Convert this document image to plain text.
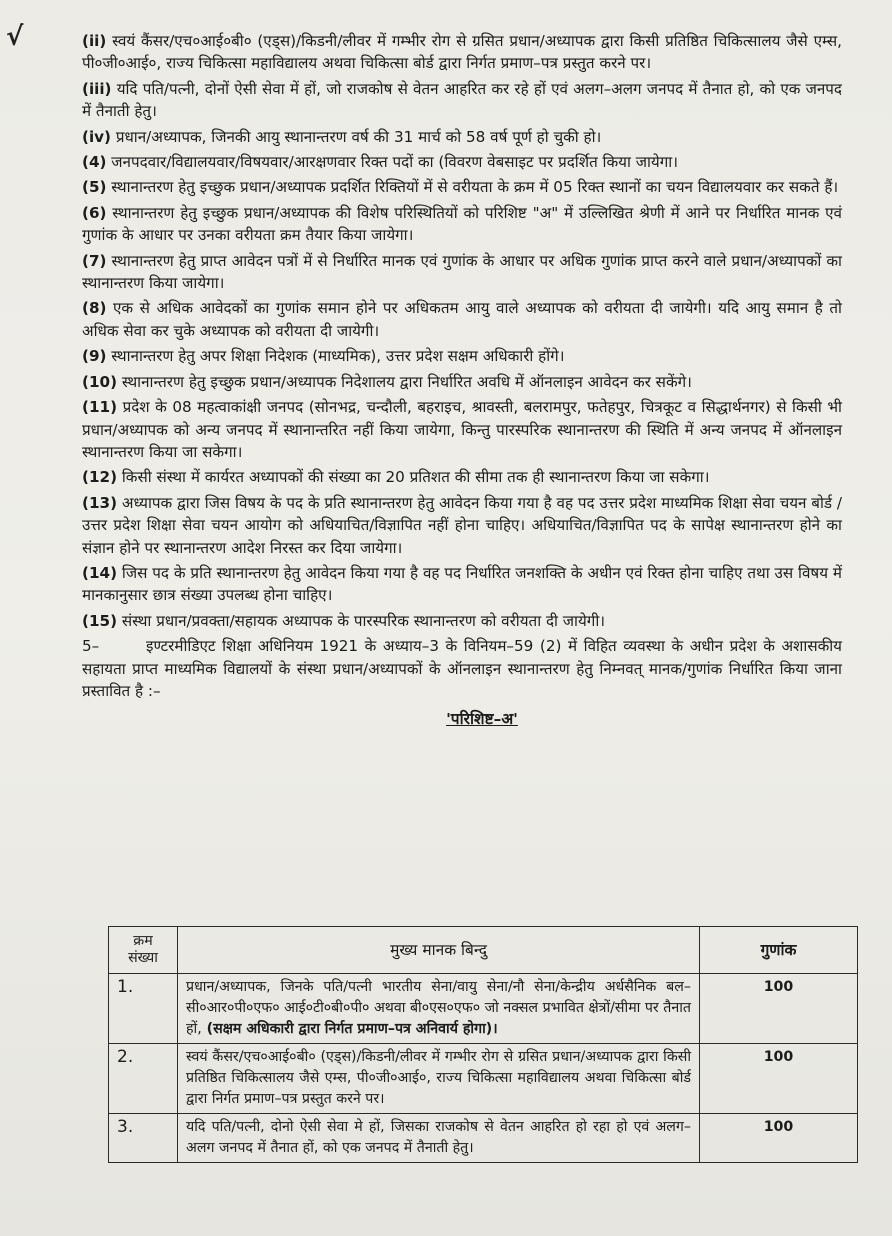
√	(ii) स्वयं कैंसर/एच०आई०बी० (एड्स)/किडनी/लीवर में गम्भीर रोग से ग्रसित प्रधान/अध्यापक द्वारा किसी प्रतिष्ठित चिकित्सालय जैसे एम्स, पी०जी०आई०, राज्य चिकित्सा महाविद्यालय अथवा चिकित्सा बोर्ड द्वारा निर्गत प्रमाण–पत्र प्रस्तुत करने पर।

(iii) यदि पति/पत्नी, दोनों ऐसी सेवा में हों, जो राजकोष से वेतन आहरित कर रहे हों एवं अलग–अलग जनपद में तैनात हो, को एक जनपद में तैनाती हेतु।

(iv) प्रधान/अध्यापक, जिनकी आयु स्थानान्तरण वर्ष की 31 मार्च को 58 वर्ष पूर्ण हो चुकी हो।

(4) जनपदवार/विद्यालयवार/विषयवार/आरक्षणवार रिक्त पदों का (विवरण वेबसाइट पर प्रदर्शित किया जायेगा।

(5) स्थानान्तरण हेतु इच्छुक प्रधान/अध्यापक प्रदर्शित रिक्तियों में से वरीयता के क्रम में 05 रिक्त स्थानों का चयन विद्यालयवार कर सकते हैं।

(6) स्थानान्तरण हेतु इच्छुक प्रधान/अध्यापक की विशेष परिस्थितियों को परिशिष्ट "अ" में उल्लिखित श्रेणी में आने पर निर्धारित मानक एवं गुणांक के आधार पर उनका वरीयता क्रम तैयार किया जायेगा।

(7) स्थानान्तरण हेतु प्राप्त आवेदन पत्रों में से निर्धारित मानक एवं गुणांक के आधार पर अधिक गुणांक प्राप्त करने वाले प्रधान/अध्यापकों का स्थानान्तरण किया जायेगा।

(8) एक से अधिक आवेदकों का गुणांक समान होने पर अधिकतम आयु वाले अध्यापक को वरीयता दी जायेगी। यदि आयु समान है तो अधिक सेवा कर चुके अध्यापक को वरीयता दी जायेगी।

(9) स्थानान्तरण हेतु अपर शिक्षा निदेशक (माध्यमिक), उत्तर प्रदेश सक्षम अधिकारी होंगे।

(10) स्थानान्तरण हेतु इच्छुक प्रधान/अध्यापक निदेशालय द्वारा निर्धारित अवधि में ऑनलाइन आवेदन कर सकेंगे।

(11) प्रदेश के 08 महत्वाकांक्षी जनपद (सोनभद्र, चन्दौली, बहराइच, श्रावस्ती, बलरामपुर, फतेहपुर, चित्रकूट व सिद्धार्थनगर) से किसी भी प्रधान/अध्यापक को अन्य जनपद में स्थानान्तरित नहीं किया जायेगा, किन्तु पारस्परिक स्थानान्तरण की स्थिति में अन्य जनपद में ऑनलाइन स्थानान्तरण किया जा सकेगा।

(12) किसी संस्था में कार्यरत अध्यापकों की संख्या का 20 प्रतिशत की सीमा तक ही स्थानान्तरण किया जा सकेगा।

(13) अध्यापक द्वारा जिस विषय के पद के प्रति स्थानान्तरण हेतु आवेदन किया गया है वह पद उत्तर प्रदेश माध्यमिक शिक्षा सेवा चयन बोर्ड /उत्तर प्रदेश शिक्षा सेवा चयन आयोग को अधियाचित/विज्ञापित नहीं होना चाहिए। अधियाचित/विज्ञापित पद के सापेक्ष स्थानान्तरण होने का संज्ञान होने पर स्थानान्तरण आदेश निरस्त कर दिया जायेगा।

(14) जिस पद के प्रति स्थानान्तरण हेतु आवेदन किया गया है वह पद निर्धारित जनशक्ति के अधीन एवं रिक्त होना चाहिए तथा उस विषय में मानकानुसार छात्र संख्या उपलब्ध होना चाहिए।

(15) संस्था प्रधान/प्रवक्ता/सहायक अध्यापक के पारस्परिक स्थानान्तरण को वरीयता दी जायेगी।

5–	इण्टरमीडिएट शिक्षा अधिनियम 1921 के अध्याय–3 के विनियम–59 (2) में विहित व्यवस्था के अधीन प्रदेश के अशासकीय सहायता प्राप्त माध्यमिक विद्यालयों के संस्था प्रधान/अध्यापकों के ऑनलाइन स्थानान्तरण हेतु निम्नवत् मानक/गुणांक निर्धारित किया जाना प्रस्तावित है :–

'परिशिष्ट–अ'
क्रम
संख्या	मुख्य मानक बिन्दु	गुणांक
1.	प्रधान/अध्यापक, जिनके पति/पत्नी भारतीय सेना/वायु सेना/नौ सेना/केन्द्रीय अर्धसैनिक बल–सी०आर०पी०एफ० आई०टी०बी०पी० अथवा बी०एस०एफ० जो नक्सल प्रभावित क्षेत्रों/सीमा पर तैनात हों, (सक्षम अधिकारी द्वारा निर्गत प्रमाण–पत्र अनिवार्य होगा)।	100
2.	स्वयं कैंसर/एच०आई०बी० (एड्स)/किडनी/लीवर में गम्भीर रोग से ग्रसित प्रधान/अध्यापक द्वारा किसी प्रतिष्ठित चिकित्सालय जैसे एम्स, पी०जी०आई०, राज्य चिकित्सा महाविद्यालय अथवा चिकित्सा बोर्ड द्वारा निर्गत प्रमाण–पत्र प्रस्तुत करने पर।	100
3.	यदि पति/पत्नी, दोनो ऐसी सेवा मे हों, जिसका राजकोष से वेतन आहरित हो रहा हो एवं अलग–अलग जनपद में तैनात हों, को एक जनपद में तैनाती हेतु।	100
